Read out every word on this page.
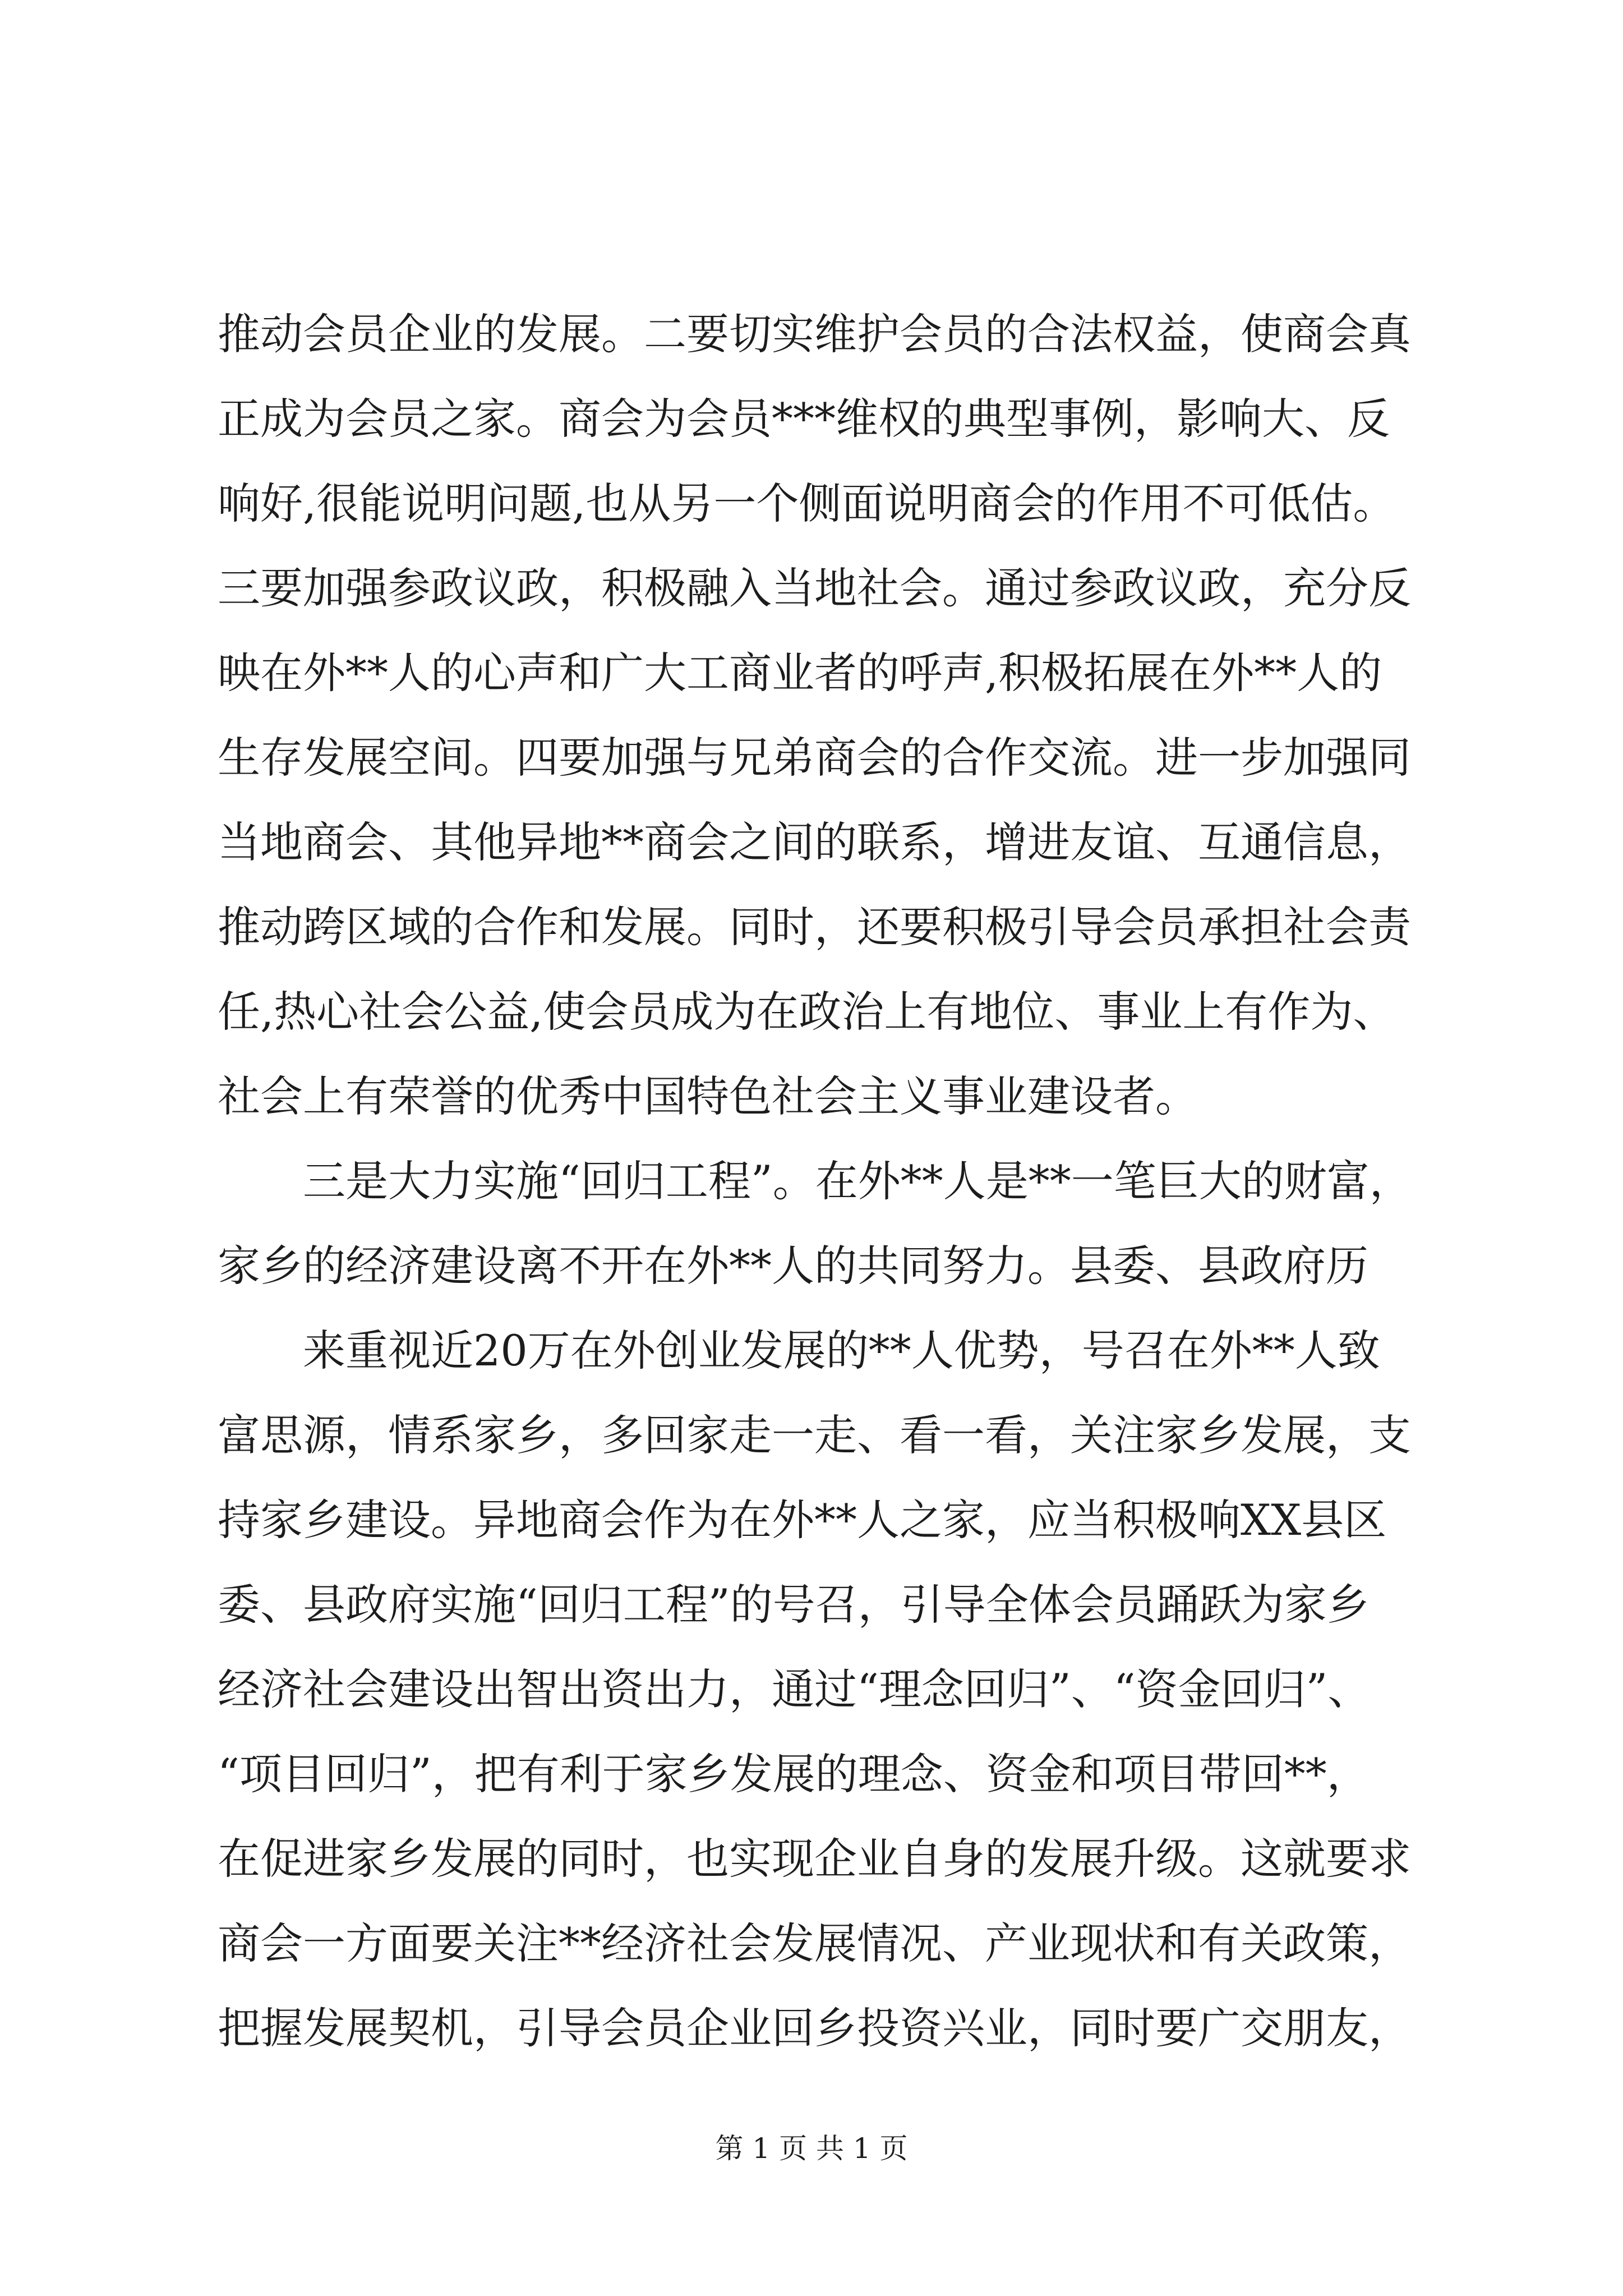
推动会员企业的发展。二要切实维护会员的合法权益，使商会真
正成为会员之家。商会为会员***维权的典型事例，影响大、反
响好,很能说明问题,也从另一个侧面说明商会的作用不可低估。
三要加强参政议政，积极融入当地社会。通过参政议政，充分反
映在外**人的心声和广大工商业者的呼声,积极拓展在外**人的
生存发展空间。四要加强与兄弟商会的合作交流。进一步加强同
当地商会、其他异地**商会之间的联系，增进友谊、互通信息，
推动跨区域的合作和发展。同时，还要积极引导会员承担社会责
任,热心社会公益,使会员成为在政治上有地位、事业上有作为、
社会上有荣誉的优秀中国特色社会主义事业建设者。
三是大力实施“回归工程”。在外**人是**一笔巨大的财富，
家乡的经济建设离不开在外**人的共同努力。县委、县政府历
来重视近20万在外创业发展的**人优势，号召在外**人致
富思源，情系家乡，多回家走一走、看一看，关注家乡发展，支
持家乡建设。异地商会作为在外**人之家，应当积极响XX县区
委、县政府实施“回归工程”的号召，引导全体会员踊跃为家乡
经济社会建设出智出资出力，通过“理念回归”、“资金回归”、
“项目回归”，把有利于家乡发展的理念、资金和项目带回**，
在促进家乡发展的同时，也实现企业自身的发展升级。这就要求
商会一方面要关注**经济社会发展情况、产业现状和有关政策，
把握发展契机，引导会员企业回乡投资兴业，同时要广交朋友，
第 1 页 共 1 页
